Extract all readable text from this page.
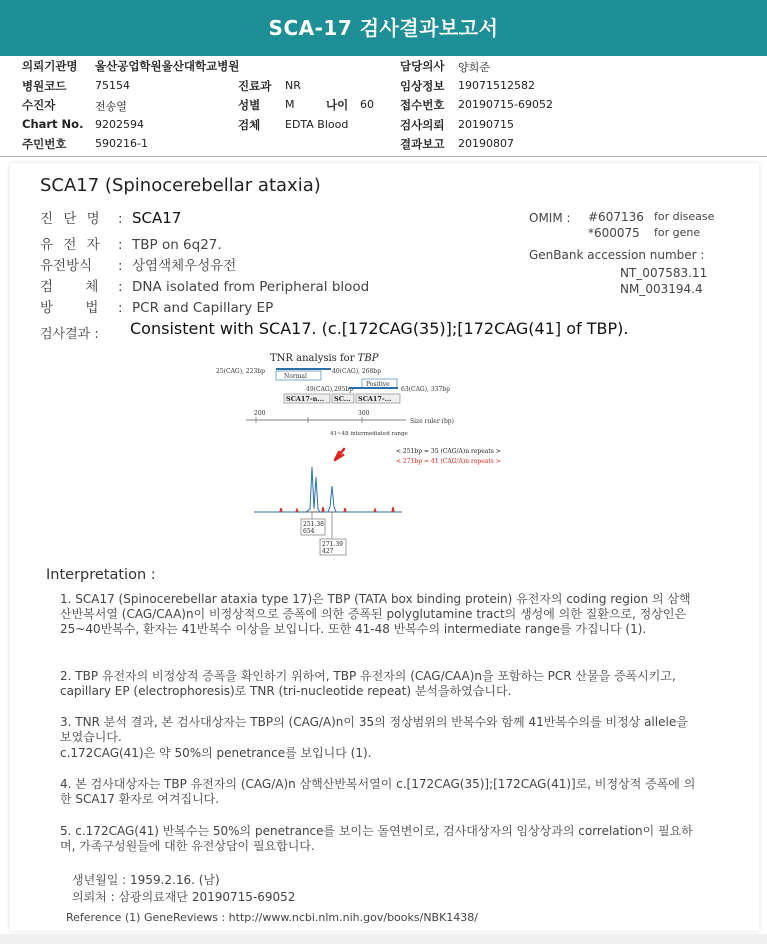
SCA-17 검사결과보고서
의뢰기관명 울산공업학원울산대학교병원
병원코드	75154
수진자	전송열
Chart No. 9202594
주민번호	590216-1
진료과 NR
성별 M	나이 60
검체 EDTA Blood
담당의사 양희준
임상정보 19071512582
접수번호 20190715-69052
검사의뢰 20190715
결과보고 20190807
SCA17 (Spinocerebellar ataxia)
진 단 명 : SCA17
유 전 자 : TBP on 6q27.
유전방식 : 상염색체우성유전
검 체 : DNA isolated from Peripheral blood
방 법 : PCR and Capillary EP
OMIM : #607136 for disease
*600075 for gene
GenBank accession number :
NT_007583.11
NM_003194.4
검사결과 : Consistent with SCA17. (c.[172CAG(35)];[172CAG(41] of TBP).
TNR analysis for TBP
25(CAG), 223bp
Normal
40(CAG), 268bp
49(CAG),295bp
Positive
63(CAG), 337bp
SCA17-n... SC... SCA17-...
200	300
Size ruler (bp)
41~48 intermediated range
< 251bp = 35 (CAG/A)n repeats >
< 271bp = 41 (CAG/A)n repeats >
251.38
654
271.39
427
Interpretation :
1. SCA17 (Spinocerebellar ataxia type 17)은 TBP (TATA box binding protein) 유전자의 coding region 의 삼핵산반복서열 (CAG/CAA)n이 비정상적으로 증폭에 의한 증폭된 polyglutamine tract의 생성에 의한 질환으로, 정상인은 25~40반복수, 환자는 41반복수 이상을 보입니다. 또한 41-48 반복수의 intermediate range를 가집니다 (1).
2. TBP 유전자의 비정상적 증폭을 확인하기 위하여, TBP 유전자의 (CAG/CAA)n을 포함하는 PCR 산물을 증폭시키고, capillary EP (electrophoresis)로 TNR (tri-nucleotide repeat) 분석을하였습니다.
3. TNR 분석 결과, 본 검사대상자는 TBP의 (CAG/A)n이 35의 정상범위의 반복수와 함께 41반복수의를 비정상 allele을 보였습니다.
c.172CAG(41)은 약 50%의 penetrance를 보입니다 (1).
4. 본 검사대상자는 TBP 유전자의 (CAG/A)n 삼핵산반복서열이 c.[172CAG(35)];[172CAG(41)]로, 비정상적 증폭에 의한 SCA17 환자로 여겨집니다.
5. c.172CAG(41) 반복수는 50%의 penetrance를 보이는 돌연변이로, 검사대상자의 임상상과의 correlation이 필요하며, 가족구성원들에 대한 유전상담이 필요합니다.
생년월일 : 1959.2.16. (남)
의뢰처 : 삼광의료재단 20190715-69052
Reference (1) GeneReviews : http://www.ncbi.nlm.nih.gov/books/NBK1438/
